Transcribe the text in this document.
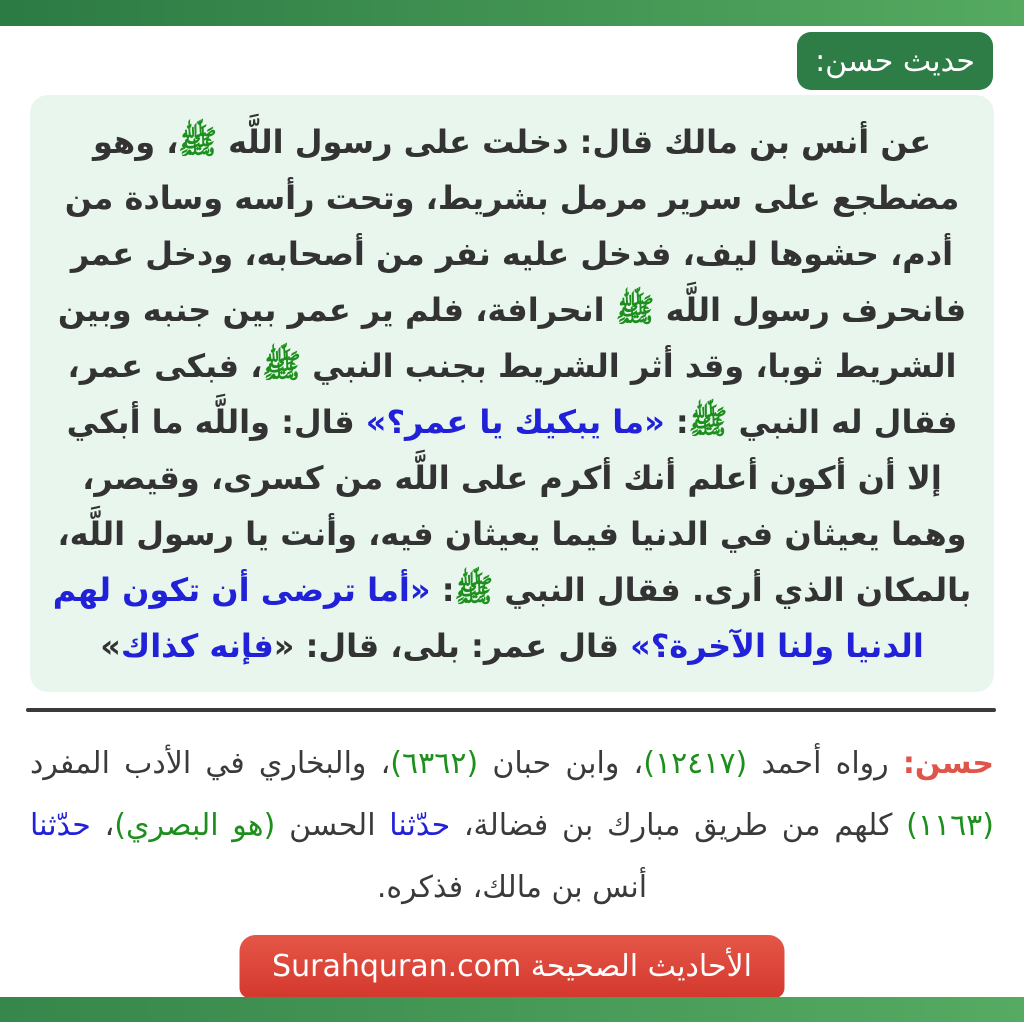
حديث حسن:

عن أنس بن مالك قال: دخلت على رسول اللَّه ﷺ، وهو مضطجع على سرير مرمل بشريط، وتحت رأسه وسادة من أدم، حشوها ليف، فدخل عليه نفر من أصحابه، ودخل عمر فانحرف رسول اللَّه ﷺ انحرافة، فلم ير عمر بين جنبه وبين الشريط ثوبا، وقد أثر الشريط بجنب النبي ﷺ، فبكى عمر، فقال له النبي ﷺ: «ما يبكيك يا عمر؟» قال: واللَّه ما أبكي إلا أن أكون أعلم أنك أكرم على اللَّه من كسرى، وقيصر، وهما يعيثان في الدنيا فيما يعيثان فيه، وأنت يا رسول اللَّه، بالمكان الذي أرى. فقال النبي ﷺ: «أما ترضى أن تكون لهم الدنيا ولنا الآخرة؟» قال عمر: بلى، قال: «فإنه كذاك»

حسن: رواه أحمد (١٢٤١٧)، وابن حبان (٦٣٦٢)، والبخاري في الأدب المفرد (١١٦٣) كلهم من طريق مبارك بن فضالة، حدّثنا الحسن (هو البصري)، حدّثنا أنس بن مالك، فذكره.

الأحاديث الصحيحة Surahquran.com
